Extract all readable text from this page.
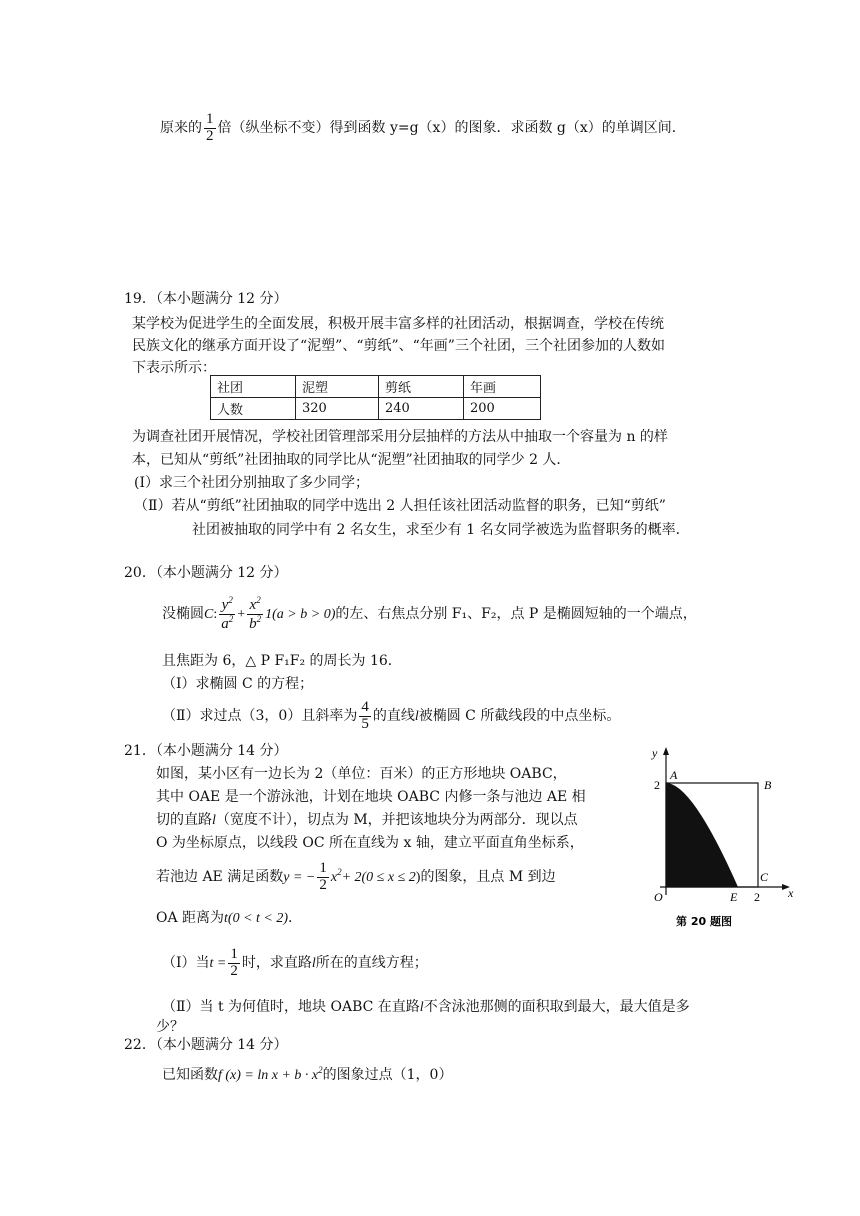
原来的 $\frac{1}{2}$ 倍（纵坐标不变）得到函数 y=g（x）的图象．求函数 g（x）的单调区间．
19．（本小题满分 12 分）
某学校为促进学生的全面发展，积极开展丰富多样的社团活动，根据调查，学校在传统
民族文化的继承方面开设了“泥塑”、“剪纸”、“年画”三个社团，三个社团参加的人数如
下表示所示：
社团	泥塑	剪纸	年画
人数	320	240	200
为调查社团开展情况，学校社团管理部采用分层抽样的方法从中抽取一个容量为 n 的样
本，已知从“剪纸”社团抽取的同学比从“泥塑”社团抽取的同学少 2 人．
(Ⅰ）求三个社团分别抽取了多少同学；
（Ⅱ）若从“剪纸”社团抽取的同学中选出 2 人担任该社团活动监督的职务，已知“剪纸”
社团被抽取的同学中有 2 名女生，求至少有 1 名女同学被选为监督职务的概率．
20．（本小题满分 12 分）
没椭圆C: $\frac{y^2}{a^2} + \frac{x^2}{b^2} 1(a > b > 0)$的左、右焦点分别 F₁、F₂，点 P 是椭圆短轴的一个端点，
且焦距为 6，△ P F₁F₂ 的周长为 16．
（Ⅰ）求椭圆 C 的方程；
（Ⅱ）求过点（3，0）且斜率为 $\frac{4}{5}$ 的直线l被椭圆 C 所截线段的中点坐标。
21．（本小题满分 14 分）
如图，某小区有一边长为 2（单位：百米）的正方形地块 OABC，
其中 OAE 是一个游泳池，计划在地块 OABC 内修一条与池边 AE 相
切的直路l（宽度不计），切点为 M，并把该地块分为两部分．现以点
O 为坐标原点，以线段 OC 所在直线为 x 轴，建立平面直角坐标系，
若池边 AE 满足函数y = − $\frac{1}{2} x^2+ 2(0 \le x \le 2)$的图象，且点 M 到边
OA 距离为t(0 < t < 2).
（Ⅰ）当$t = \frac{1}{2}$ 时，求直路l所在的直线方程；
（Ⅱ）当 t 为何值时，地块 OABC 在直路l不含泳池那侧的面积取到最大，最大值是多
少？
y
x
A
B
C
E
O
2
2
第 20 题图
22．（本小题满分 14 分）
已知函数f $(x) = \ln x + b \cdot x^2$的图象过点（1，0）
